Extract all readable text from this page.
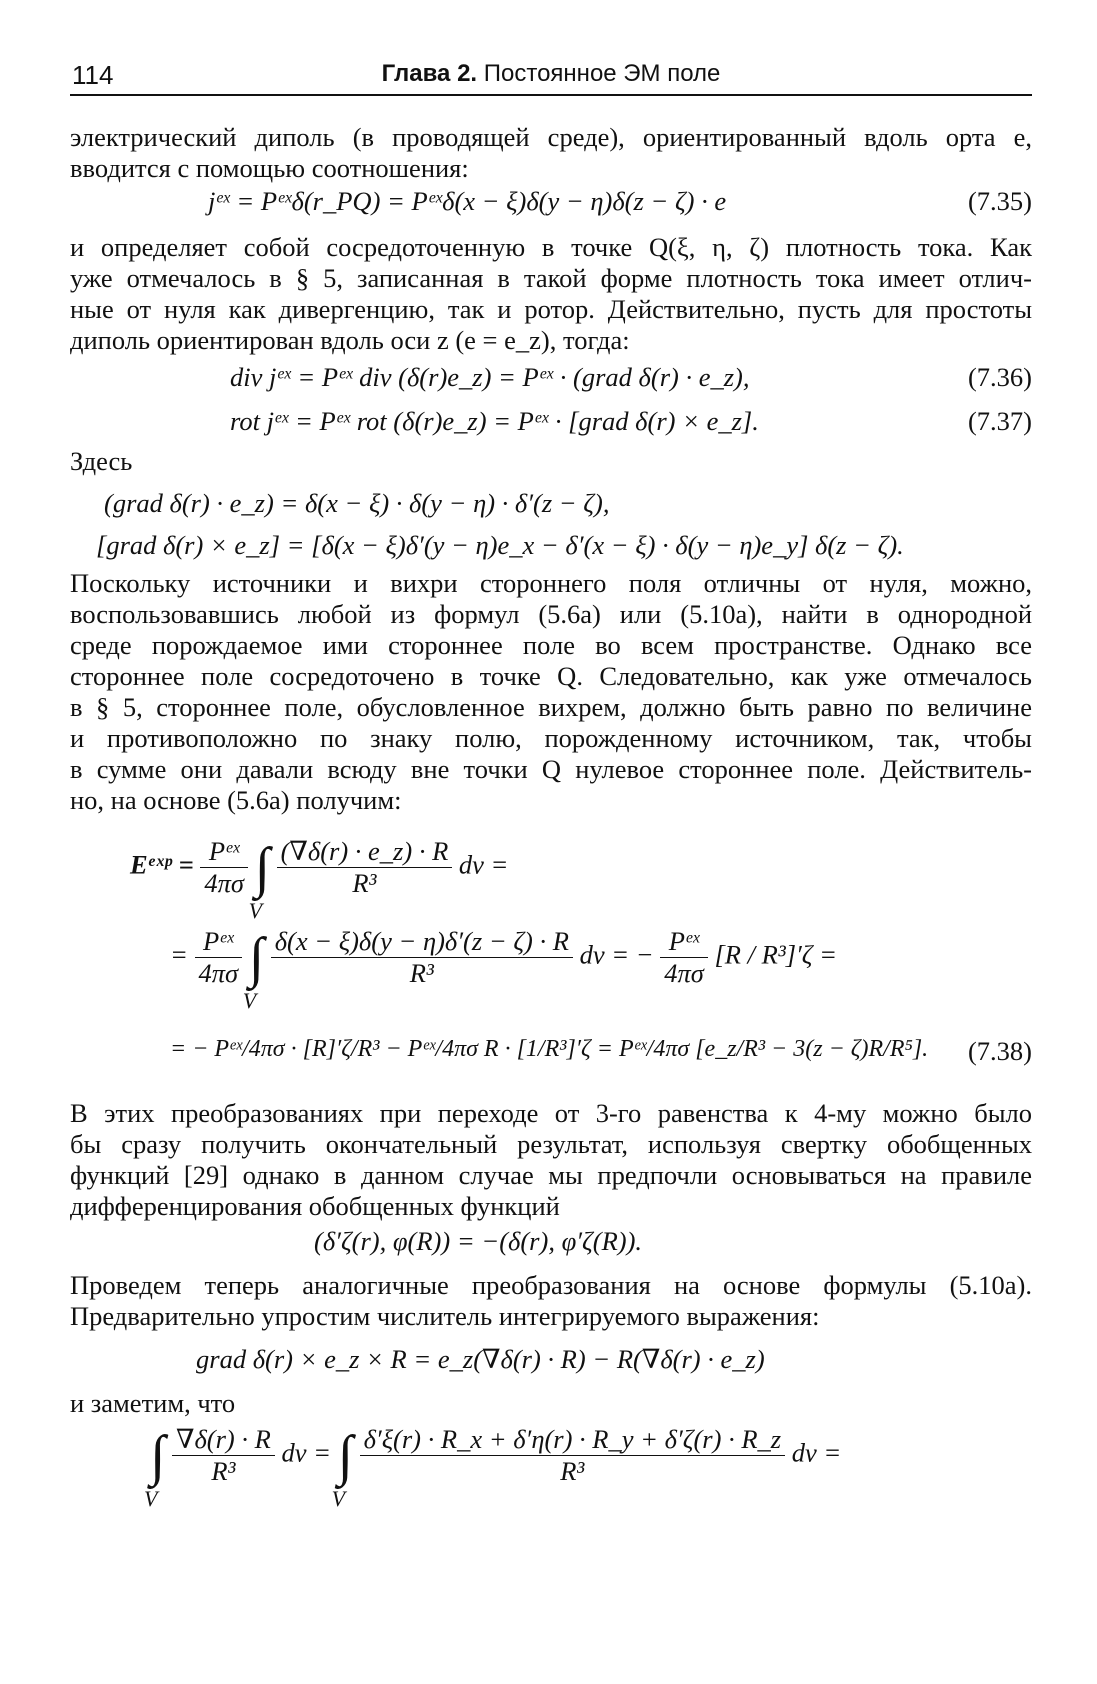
114	Глава 2. Постоянное ЭМ поле
электрический диполь (в проводящей среде), ориентированный вдоль орта e,
вводится с помощью соотношения:
jᵉˣ = Pᵉˣδ(r_PQ) = Pᵉˣδ(x − ξ)δ(y − η)δ(z − ζ) · e	(7.35)
и определяет собой сосредоточенную в точке Q(ξ, η, ζ) плотность тока. Как
уже отмечалось в § 5, записанная в такой форме плотность тока имеет отлич-
ные от нуля как дивергенцию, так и ротор. Действительно, пусть для простоты
диполь ориентирован вдоль оси z (e = e_z), тогда:
div jᵉˣ = Pᵉˣ div (δ(r)e_z) = Pᵉˣ · (grad δ(r) · e_z),	(7.36)
rot jᵉˣ = Pᵉˣ rot (δ(r)e_z) = Pᵉˣ · [grad δ(r) × e_z].	(7.37)
Здесь
(grad δ(r) · e_z) = δ(x − ξ) · δ(y − η) · δ′(z − ζ),
[grad δ(r) × e_z] = [δ(x − ξ)δ′(y − η)e_x − δ′(x − ξ) · δ(y − η)e_y] δ(z − ζ).
Поскольку источники и вихри стороннего поля отличны от нуля, можно,
воспользовавшись любой из формул (5.6a) или (5.10a), найти в однородной
среде порождаемое ими стороннее поле во всем пространстве. Однако все
стороннее поле сосредоточено в точке Q. Следовательно, как уже отмечалось
в § 5, стороннее поле, обусловленное вихрем, должно быть равно по величине
и противоположно по знаку полю, порожденному источником, так, чтобы
в сумме они давали всюду вне точки Q нулевое стороннее поле. Действитель-
но, на основе (5.6a) получим:
Eᵉˣᵖ = $\frac{\text{Pᵉˣ}}{4\pi\sigma}$ ∫
V

$\frac{(\nabla\delta(r) \cdot e\_z) \cdot R}{\text{R³}}$ dv =
= $\frac{\text{Pᵉˣ}}{4\pi\sigma}$ ∫
V

$\frac{\delta(x - \xi)\delta(y - \eta)\delta'(z - \zeta) \cdot R}{\text{R³}}$ dv = − $\frac{\text{Pᵉˣ}}{4\pi\sigma} [R / R^3]'\zeta$ =
= − Pᵉˣ/4πσ · [R]′ζ/R³ − Pᵉˣ/4πσ R · [1/R³]′ζ = Pᵉˣ/4πσ [e_z/R³ − 3(z − ζ)R/R⁵]. (7.38)
В этих преобразованиях при переходе от 3-го равенства к 4-му можно было
бы сразу получить окончательный результат, используя свертку обобщенных
функций [29] однако в данном случае мы предпочли основываться на правиле
дифференцирования обобщенных функций
(δ′ζ(r), φ(R)) = −(δ(r), φ′ζ(R)).
Проведем теперь аналогичные преобразования на основе формулы (5.10a).
Предварительно упростим числитель интегрируемого выражения:
grad δ(r) × e_z × R = e_z(∇δ(r) · R) − R(∇δ(r) · e_z)
и заметим, что
∫
V

$\frac{\nabla\delta(r) \cdot R}{\text{R³}}$ dv = ∫
V

$\frac{\delta'\xi(r) \cdot R\_x + \delta'\eta(r) \cdot R\_y + \delta'\zeta(r) \cdot R\_z}{\text{R³}}$ dv =
